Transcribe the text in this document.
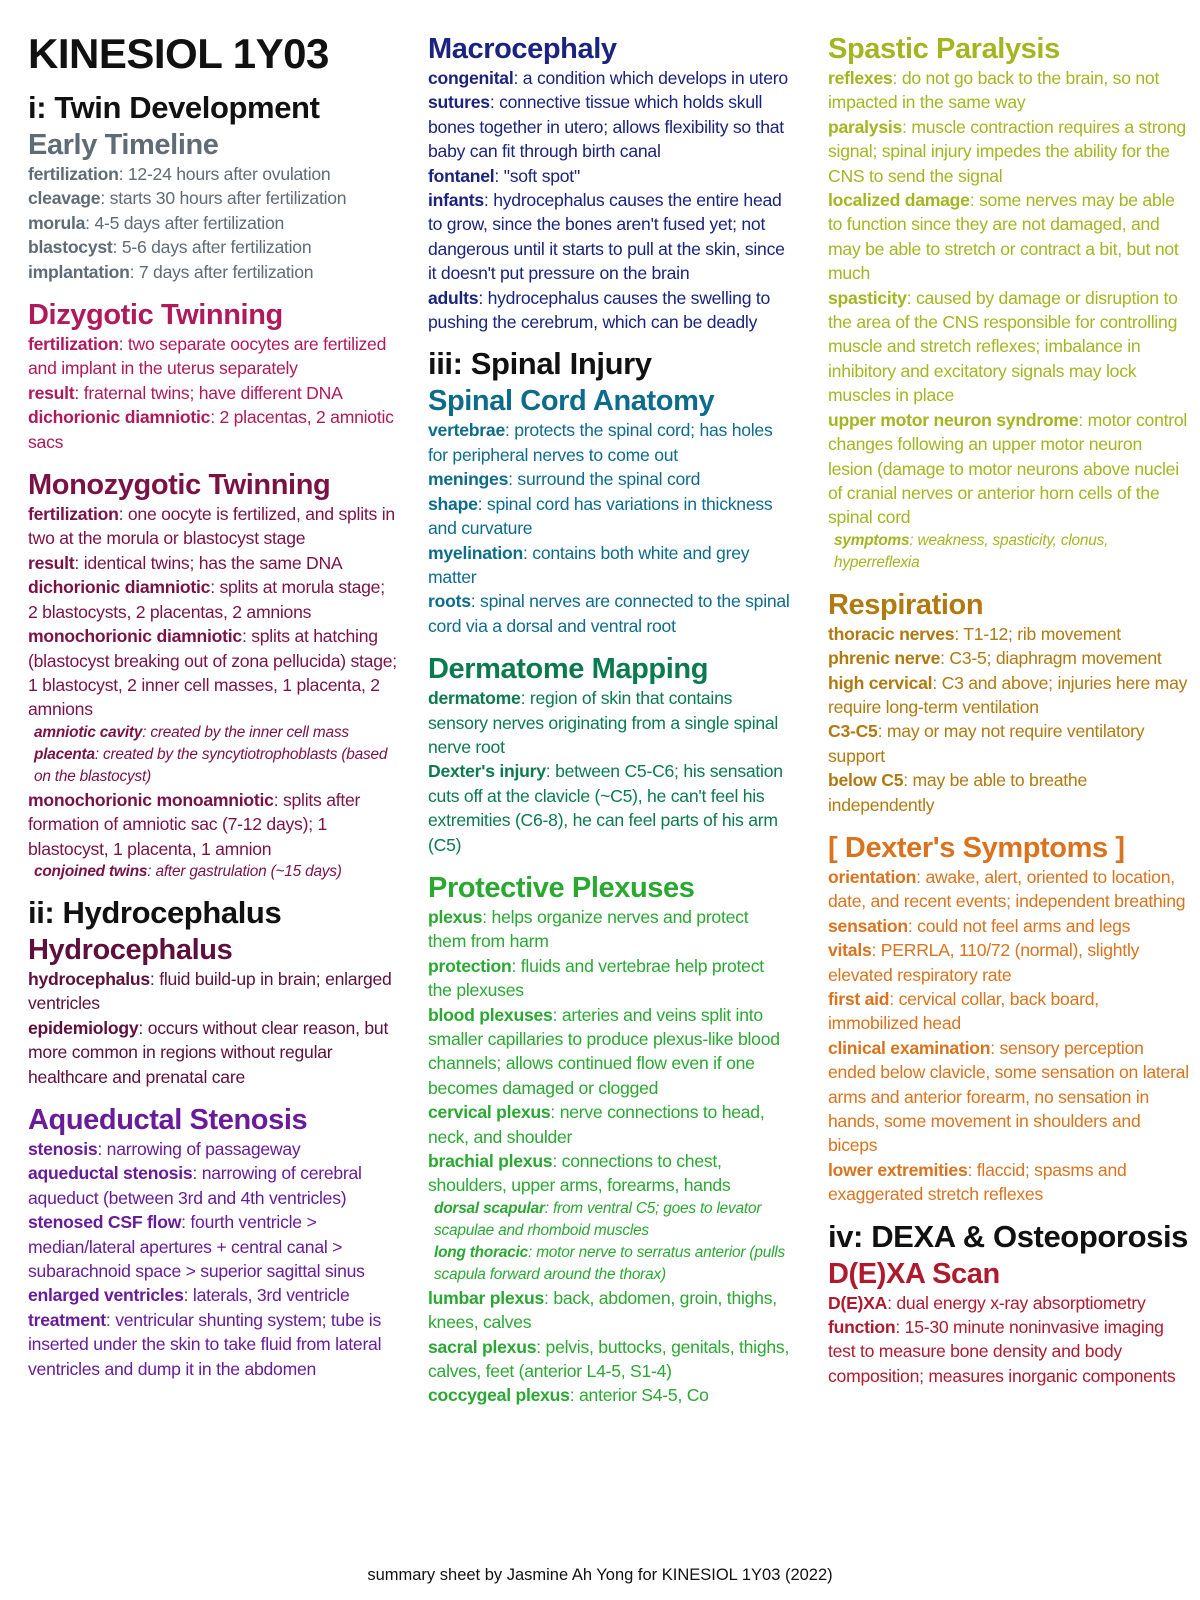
KINESIOL 1Y03
i: Twin Development
Early Timeline
fertilization: 12-24 hours after ovulation
cleavage: starts 30 hours after fertilization
morula: 4-5 days after fertilization
blastocyst: 5-6 days after fertilization
implantation: 7 days after fertilization
Dizygotic Twinning
fertilization: two separate oocytes are fertilized and implant in the uterus separately
result: fraternal twins; have different DNA
dichorionic diamniotic: 2 placentas, 2 amniotic sacs
Monozygotic Twinning
fertilization: one oocyte is fertilized, and splits in two at the morula or blastocyst stage
result: identical twins; has the same DNA
dichorionic diamniotic: splits at morula stage; 2 blastocysts, 2 placentas, 2 amnions
monochorionic diamniotic: splits at hatching (blastocyst breaking out of zona pellucida) stage; 1 blastocyst, 2 inner cell masses, 1 placenta, 2 amnions
amniotic cavity: created by the inner cell mass
placenta: created by the syncytiotrophoblasts (based on the blastocyst)
monochorionic monoamniotic: splits after formation of amniotic sac (7-12 days); 1 blastocyst, 1 placenta, 1 amnion
conjoined twins: after gastrulation (~15 days)
ii: Hydrocephalus
Hydrocephalus
hydrocephalus: fluid build-up in brain; enlarged ventricles
epidemiology: occurs without clear reason, but more common in regions without regular healthcare and prenatal care
Aqueductal Stenosis
stenosis: narrowing of passageway
aqueductal stenosis: narrowing of cerebral aqueduct (between 3rd and 4th ventricles)
stenosed CSF flow: fourth ventricle > median/lateral apertures + central canal > subarachnoid space > superior sagittal sinus
enlarged ventricles: laterals, 3rd ventricle
treatment: ventricular shunting system; tube is inserted under the skin to take fluid from lateral ventricles and dump it in the abdomen
Macrocephaly
congenital: a condition which develops in utero
sutures: connective tissue which holds skull bones together in utero; allows flexibility so that baby can fit through birth canal
fontanel: "soft spot"
infants: hydrocephalus causes the entire head to grow, since the bones aren't fused yet; not dangerous until it starts to pull at the skin, since it doesn't put pressure on the brain
adults: hydrocephalus causes the swelling to pushing the cerebrum, which can be deadly
iii: Spinal Injury
Spinal Cord Anatomy
vertebrae: protects the spinal cord; has holes for peripheral nerves to come out
meninges: surround the spinal cord
shape: spinal cord has variations in thickness and curvature
myelination: contains both white and grey matter
roots: spinal nerves are connected to the spinal cord via a dorsal and ventral root
Dermatome Mapping
dermatome: region of skin that contains sensory nerves originating from a single spinal nerve root
Dexter's injury: between C5-C6; his sensation cuts off at the clavicle (~C5), he can't feel his extremities (C6-8), he can feel parts of his arm (C5)
Protective Plexuses
plexus: helps organize nerves and protect them from harm
protection: fluids and vertebrae help protect the plexuses
blood plexuses: arteries and veins split into smaller capillaries to produce plexus-like blood channels; allows continued flow even if one becomes damaged or clogged
cervical plexus: nerve connections to head, neck, and shoulder
brachial plexus: connections to chest, shoulders, upper arms, forearms, hands
dorsal scapular: from ventral C5; goes to levator scapulae and rhomboid muscles
long thoracic: motor nerve to serratus anterior (pulls scapula forward around the thorax)
lumbar plexus: back, abdomen, groin, thighs, knees, calves
sacral plexus: pelvis, buttocks, genitals, thighs, calves, feet (anterior L4-5, S1-4)
coccygeal plexus: anterior S4-5, Co
Spastic Paralysis
reflexes: do not go back to the brain, so not impacted in the same way
paralysis: muscle contraction requires a strong signal; spinal injury impedes the ability for the CNS to send the signal
localized damage: some nerves may be able to function since they are not damaged, and may be able to stretch or contract a bit, but not much
spasticity: caused by damage or disruption to the area of the CNS responsible for controlling muscle and stretch reflexes; imbalance in inhibitory and excitatory signals may lock muscles in place
upper motor neuron syndrome: motor control changes following an upper motor neuron lesion (damage to motor neurons above nuclei of cranial nerves or anterior horn cells of the spinal cord
symptoms: weakness, spasticity, clonus, hyperreflexia
Respiration
thoracic nerves: T1-12; rib movement
phrenic nerve: C3-5; diaphragm movement
high cervical: C3 and above; injuries here may require long-term ventilation
C3-C5: may or may not require ventilatory support
below C5: may be able to breathe independently
[ Dexter's Symptoms ]
orientation: awake, alert, oriented to location, date, and recent events; independent breathing
sensation: could not feel arms and legs
vitals: PERRLA, 110/72 (normal), slightly elevated respiratory rate
first aid: cervical collar, back board, immobilized head
clinical examination: sensory perception ended below clavicle, some sensation on lateral arms and anterior forearm, no sensation in hands, some movement in shoulders and biceps
lower extremities: flaccid; spasms and exaggerated stretch reflexes
iv: DEXA & Osteoporosis
D(E)XA Scan
D(E)XA: dual energy x-ray absorptiometry
function: 15-30 minute noninvasive imaging test to measure bone density and body composition; measures inorganic components
summary sheet by Jasmine Ah Yong for KINESIOL 1Y03 (2022)
